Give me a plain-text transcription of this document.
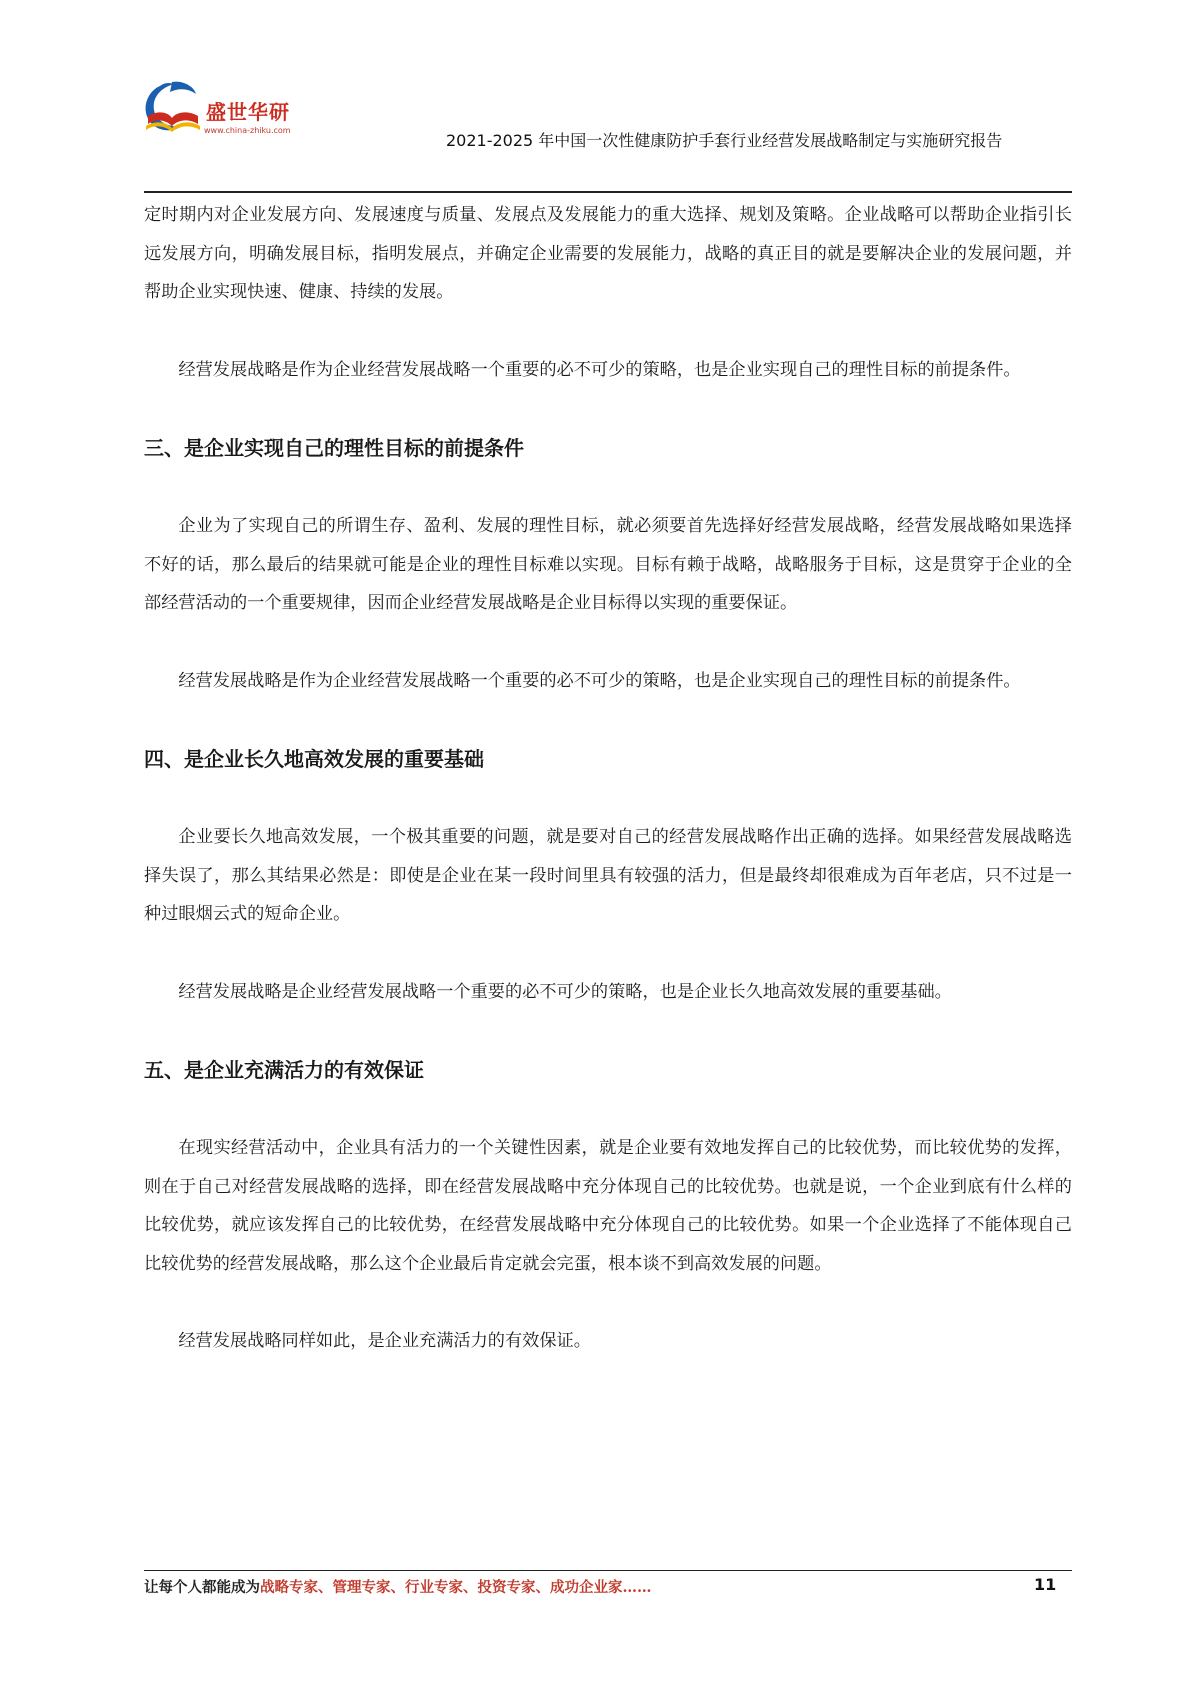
盛世华研
www.china-zhiku.com
2021-2025 年中国一次性健康防护手套行业经营发展战略制定与实施研究报告

定时期内对企业发展方向、发展速度与质量、发展点及发展能力的重大选择、规划及策略。企业战略可以帮助企业指引长远发展方向，明确发展目标，指明发展点，并确定企业需要的发展能力，战略的真正目的就是要解决企业的发展问题，并帮助企业实现快速、健康、持续的发展。

经营发展战略是作为企业经营发展战略一个重要的必不可少的策略，也是企业实现自己的理性目标的前提条件。

三、是企业实现自己的理性目标的前提条件

企业为了实现自己的所谓生存、盈利、发展的理性目标，就必须要首先选择好经营发展战略，经营发展战略如果选择不好的话，那么最后的结果就可能是企业的理性目标难以实现。目标有赖于战略，战略服务于目标，这是贯穿于企业的全部经营活动的一个重要规律，因而企业经营发展战略是企业目标得以实现的重要保证。

经营发展战略是作为企业经营发展战略一个重要的必不可少的策略，也是企业实现自己的理性目标的前提条件。

四、是企业长久地高效发展的重要基础

企业要长久地高效发展，一个极其重要的问题，就是要对自己的经营发展战略作出正确的选择。如果经营发展战略选择失误了，那么其结果必然是：即使是企业在某一段时间里具有较强的活力，但是最终却很难成为百年老店，只不过是一种过眼烟云式的短命企业。

经营发展战略是企业经营发展战略一个重要的必不可少的策略，也是企业长久地高效发展的重要基础。

五、是企业充满活力的有效保证

在现实经营活动中，企业具有活力的一个关键性因素，就是企业要有效地发挥自己的比较优势，而比较优势的发挥，则在于自己对经营发展战略的选择，即在经营发展战略中充分体现自己的比较优势。也就是说，一个企业到底有什么样的比较优势，就应该发挥自己的比较优势，在经营发展战略中充分体现自己的比较优势。如果一个企业选择了不能体现自己比较优势的经营发展战略，那么这个企业最后肯定就会完蛋，根本谈不到高效发展的问题。

经营发展战略同样如此，是企业充满活力的有效保证。

让每个人都能成为战略专家、管理专家、行业专家、投资专家、成功企业家……	11
